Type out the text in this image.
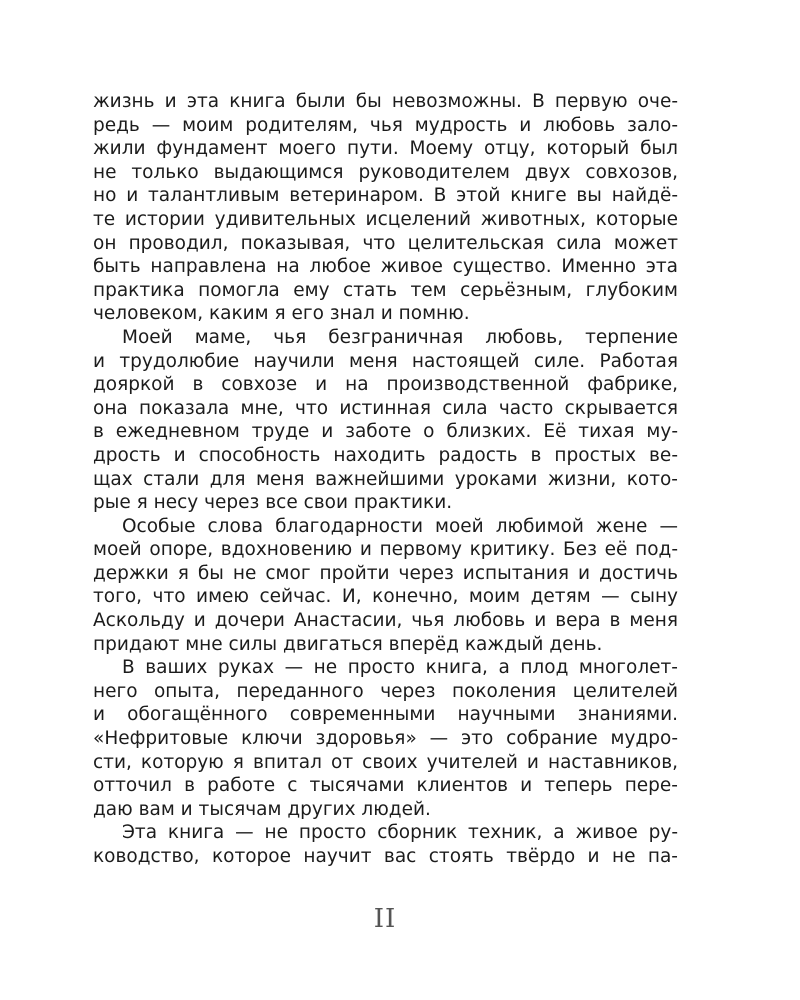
жизнь и эта книга были бы невозможны. В первую оче-
редь — моим родителям, чья мудрость и любовь зало-
жили фундамент моего пути. Моему отцу, который был
не только выдающимся руководителем двух совхозов,
но и талантливым ветеринаром. В этой книге вы найдё-
те истории удивительных исцелений животных, которые
он проводил, показывая, что целительская сила может
быть направлена на любое живое существо. Именно эта
практика помогла ему стать тем серьёзным, глубоким
человеком, каким я его знал и помню.
Моей маме, чья безграничная любовь, терпение
и трудолюбие научили меня настоящей силе. Работая
дояркой в совхозе и на производственной фабрике,
она показала мне, что истинная сила часто скрывается
в ежедневном труде и заботе о близких. Её тихая му-
дрость и способность находить радость в простых ве-
щах стали для меня важнейшими уроками жизни, кото-
рые я несу через все свои практики.
Особые слова благодарности моей любимой жене —
моей опоре, вдохновению и первому критику. Без её под-
держки я бы не смог пройти через испытания и достичь
того, что имею сейчас. И, конечно, моим детям — сыну
Аскольду и дочери Анастасии, чья любовь и вера в меня
придают мне силы двигаться вперёд каждый день.
В ваших руках — не просто книга, а плод многолет-
него опыта, переданного через поколения целителей
и обогащённого современными научными знаниями.
«Нефритовые ключи здоровья» — это собрание мудро-
сти, которую я впитал от своих учителей и наставников,
отточил в работе с тысячами клиентов и теперь пере-
даю вам и тысячам других людей.
Эта книга — не просто сборник техник, а живое ру-
ководство, которое научит вас стоять твёрдо и не па-
II
